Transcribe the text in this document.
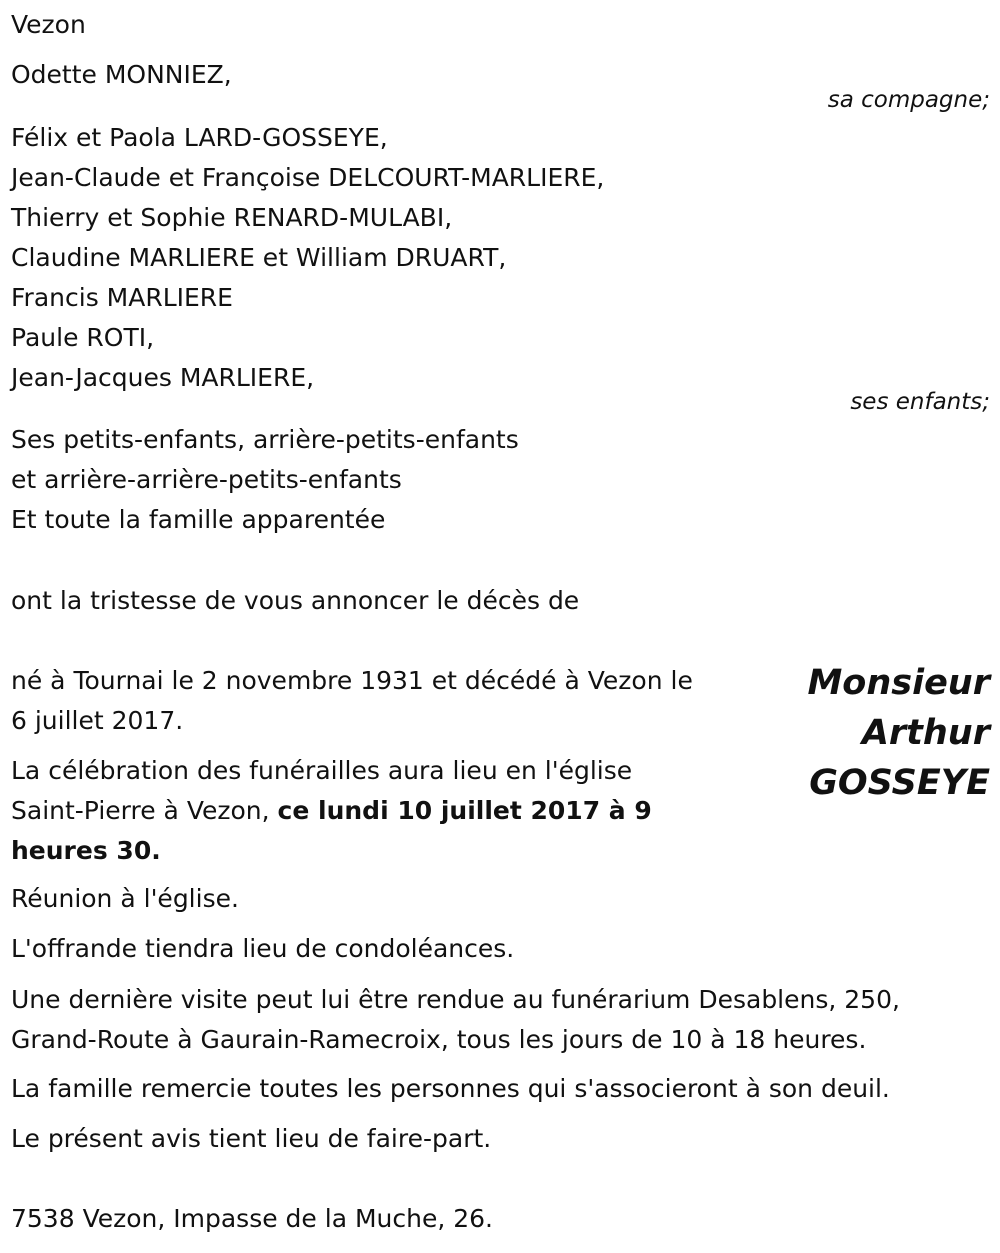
Vezon
Odette MONNIEZ,
sa compagne;
Félix et Paola LARD-GOSSEYE,
Jean-Claude et Françoise DELCOURT-MARLIERE,
Thierry et Sophie RENARD-MULABI,
Claudine MARLIERE et William DRUART,
Francis MARLIERE
Paule ROTI,
Jean-Jacques MARLIERE,
ses enfants;
Ses petits-enfants, arrière-petits-enfants
et arrière-arrière-petits-enfants
Et toute la famille apparentée
ont la tristesse de vous annoncer le décès de
Monsieur
Arthur
GOSSEYE
né à Tournai le 2 novembre 1931 et décédé à Vezon le
6 juillet 2017.
La célébration des funérailles aura lieu en l'église
Saint-Pierre à Vezon, ce lundi 10 juillet 2017 à 9
heures 30.
Réunion à l'église.
L'offrande tiendra lieu de condoléances.
Une dernière visite peut lui être rendue au funérarium Desablens, 250,
Grand-Route à Gaurain-Ramecroix, tous les jours de 10 à 18 heures.
La famille remercie toutes les personnes qui s'associeront à son deuil.
Le présent avis tient lieu de faire-part.
7538 Vezon, Impasse de la Muche, 26.
